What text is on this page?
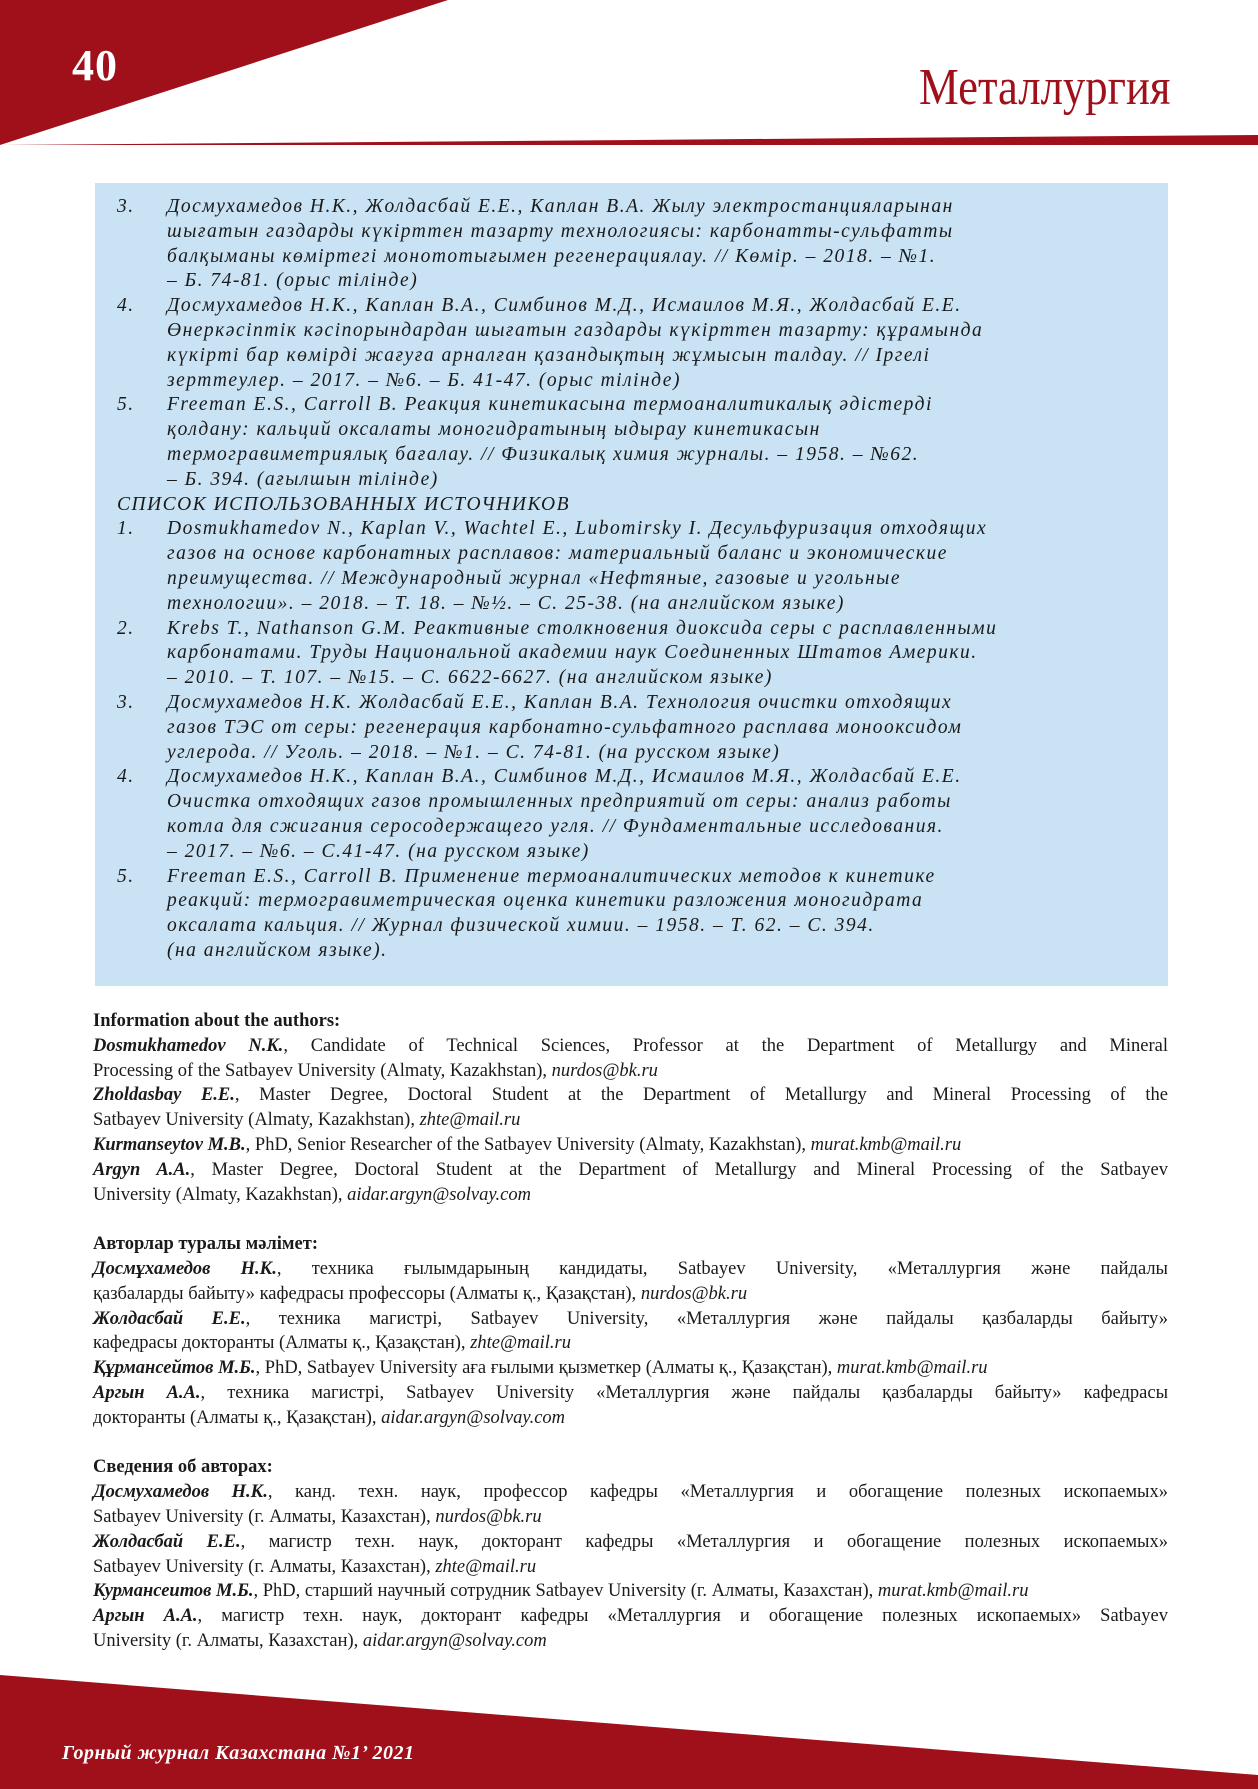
40	Металлургия
3.	Досмухамедов Н.К., Жолдасбай Е.Е., Каплан В.А. Жылу электростанцияларынан
шығатын газдарды күкірттен тазарту технологиясы: карбонатты-сульфатты
балқыманы көміртегі монототығымен регенерациялау. // Көмір. – 2018. – №1.
– Б. 74-81. (орыс тілінде)
4.	Досмухамедов Н.К., Каплан В.А., Симбинов М.Д., Исмаилов М.Я., Жолдасбай Е.Е.
Өнеркәсіптік кәсіпорындардан шығатын газдарды күкірттен тазарту: құрамында
күкірті бар көмірді жағуға арналған қазандықтың жұмысын талдау. // Іргелі
зерттеулер. – 2017. – №6. – Б. 41-47. (орыс тілінде)
5.	Freeman E.S., Carroll B. Реакция кинетикасына термоаналитикалық әдістерді
қолдану: кальций оксалаты моногидратының ыдырау кинетикасын
термогравиметриялық бағалау. // Физикалық химия журналы. – 1958. – №62.
– Б. 394. (ағылшын тілінде)
СПИСОК ИСПОЛЬЗОВАННЫХ ИСТОЧНИКОВ
1.	Dosmukhamedov N., Kaplan V., Wachtel E., Lubomirsky I. Десульфуризация отходящих
газов на основе карбонатных расплавов: материальный баланс и экономические
преимущества. // Международный журнал «Нефтяные, газовые и угольные
технологии». – 2018. – Т. 18. – №½. – С. 25-38. (на английском языке)
2.	Krebs T., Nathanson G.M. Реактивные столкновения диоксида серы с расплавленными
карбонатами. Труды Национальной академии наук Соединенных Штатов Америки.
– 2010. – Т. 107. – №15. – С. 6622-6627. (на английском языке)
3.	Досмухамедов Н.К. Жолдасбай Е.Е., Каплан В.А. Технология очистки отходящих
газов ТЭС от серы: регенерация карбонатно-сульфатного расплава монооксидом
углерода. // Уголь. – 2018. – №1. – С. 74-81. (на русском языке)
4.	Досмухамедов Н.К., Каплан В.А., Симбинов М.Д., Исмаилов М.Я., Жолдасбай Е.Е.
Очистка отходящих газов промышленных предприятий от серы: анализ работы
котла для сжигания серосодержащего угля. // Фундаментальные исследования.
– 2017. – №6. – С.41-47. (на русском языке)
5.	Freeman E.S., Carroll B. Применение термоаналитических методов к кинетике
реакций: термогравиметрическая оценка кинетики разложения моногидрата
оксалата кальция. // Журнал физической химии. – 1958. – Т. 62. – С. 394.
(на английском языке).
Information about the authors:
Dosmukhamedov N.K., Candidate of Technical Sciences, Professor at the Department of Metallurgy and Mineral
Processing of the Satbayev University (Almaty, Kazakhstan), nurdos@bk.ru
Zholdasbay E.E., Master Degree, Doctoral Student at the Department of Metallurgy and Mineral Processing of the
Satbayev University (Almaty, Kazakhstan), zhte@mail.ru
Kurmanseytov M.B., PhD, Senior Researcher of the Satbayev University (Almaty, Kazakhstan), murat.kmb@mail.ru
Argyn A.A., Master Degree, Doctoral Student at the Department of Metallurgy and Mineral Processing of the Satbayev
University (Almaty, Kazakhstan), aidar.argyn@solvay.com
Авторлар туралы мәлімет:
Досмұхамедов Н.К., техника ғылымдарының кандидаты, Satbayev University, «Металлургия және пайдалы
қазбаларды байыту» кафедрасы профессоры (Алматы қ., Қазақстан), nurdos@bk.ru
Жолдасбай Е.Е., техника магистрі, Satbayev University, «Металлургия және пайдалы қазбаларды байыту»
кафедрасы докторанты (Алматы қ., Қазақстан), zhte@mail.ru
Құрмансейтов М.Б., PhD, Satbayev University аға ғылыми қызметкер (Алматы қ., Қазақстан), murat.kmb@mail.ru
Аргын А.А., техника магистрі, Satbayev University «Металлургия және пайдалы қазбаларды байыту» кафедрасы
докторанты (Алматы қ., Қазақстан), aidar.argyn@solvay.com
Сведения об авторах:
Досмухамедов Н.К., канд. техн. наук, профессор кафедры «Металлургия и обогащение полезных ископаемых»
Satbayev University (г. Алматы, Казахстан), nurdos@bk.ru
Жолдасбай Е.Е., магистр техн. наук, докторант кафедры «Металлургия и обогащение полезных ископаемых»
Satbayev University (г. Алматы, Казахстан), zhte@mail.ru
Курмансеитов М.Б., PhD, старший научный сотрудник Satbayev University (г. Алматы, Казахстан), murat.kmb@mail.ru
Аргын А.А., магистр техн. наук, докторант кафедры «Металлургия и обогащение полезных ископаемых» Satbayev
University (г. Алматы, Казахстан), aidar.argyn@solvay.com
Горный журнал Казахстана №1’ 2021
